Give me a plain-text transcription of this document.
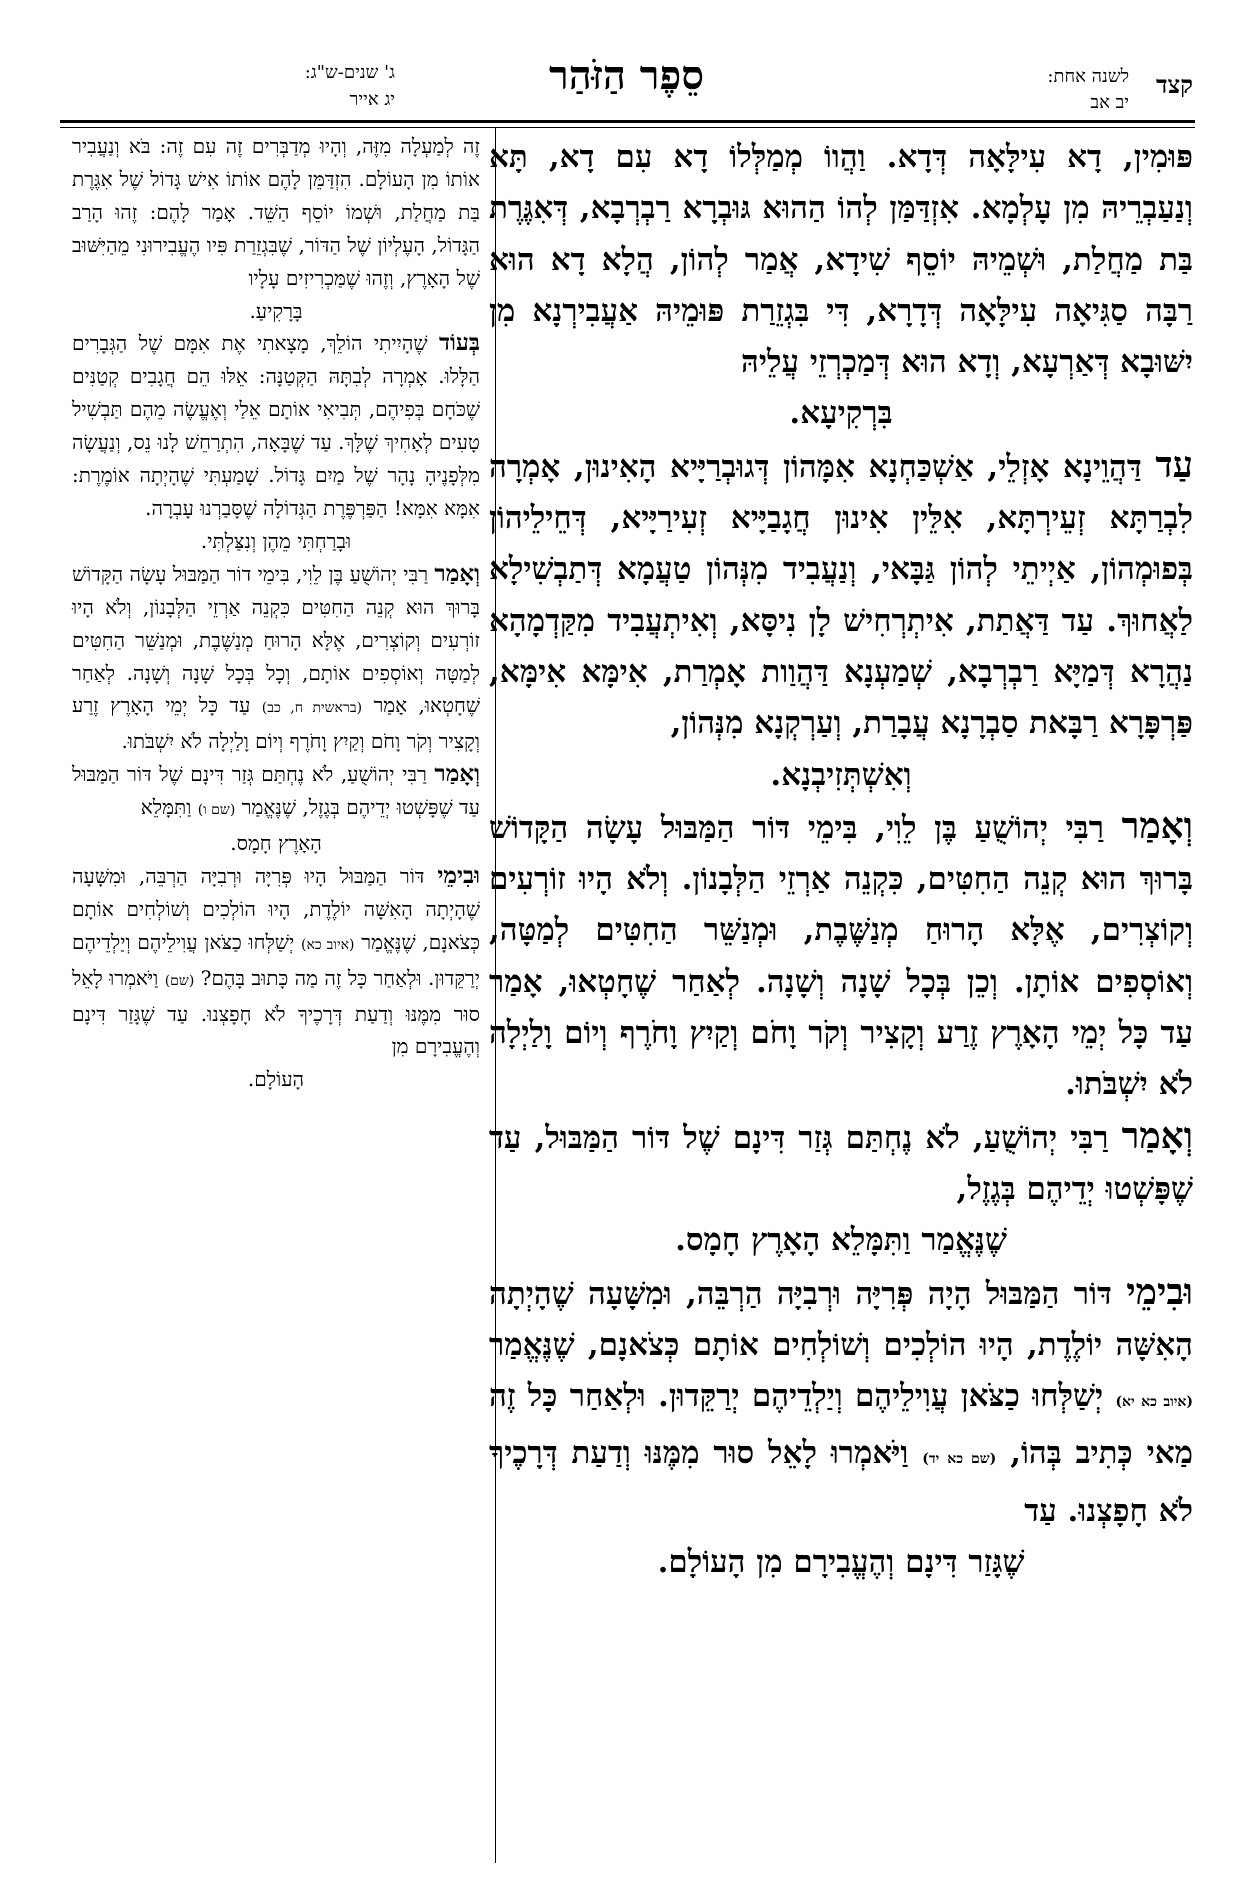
קצד
לשנה אחת:
יב אב
סֵפֶר הַזֹּהַר
ג' שנים-ש"ג:
יג אייר

פּוּמִין, דָא עִילָּאָה דְּדָא. וַהֲווֹ מְמַלְּלוֹ דָא עִם דָא, תָּא וְנַעַבְרֵיהּ מִן עָלְמָא. אִזְדַּמַּן לְהוֹ הַהוּא גּוּבְרָא רַבְרְבָא, דְּאִגֶּרֶת בַּת מַחֲלַת, וּשְׁמֵיהּ יוֹסֵף שִׁידָא, אֲמַר לְהוֹן, הֲלָא דָא הוּא רַבָּה סַגִּיאָה עִילָּאָה דְּדָרָא, דִּי בִּגְזֵרַת פּוּמֵיהּ אַעֲבִירְנָא מִן יִשּׁוּבָא דְּאַרְעָא, וְדָא הוּא דְּמַכְרְזֵי עֲלֵיהּ

בִּרְקִיעָא.

עַד דַּהֲוֵינָא אָזְלֵי, אַשְׁכַּחְנָא אִמָּהוֹן דְּגוּבְרַיָּיא הָאִינוּן, אָמְרָה לִבְרַתָּא זְעֵירְתָּא, אִלֵּין אִינוּן חֲגָבַיָּיא זְעִירַיָּיא, דְּחֵילֵיהוֹן בְּפוּמְהוֹן, אַיְיתֵי לְהוֹן גַּבָּאי, וְנַעֲבִיד מִנְּהוֹן טַעֲמָא דְּתַבְשִׁילָא לַאֲחוּךְ. עַד דַּאֲתַת, אִיתְרְחִישׁ לָן נִיסָּא, וְאִיתְעֲבִיד מִקַּדְמָהָא נַהֲרָא דְּמַיָּא רַבְרְבָא, שְׁמַעְנָא דַּהֲוַות אָמְרַת, אִימָּא אִימָּא, פַּרְפָּרָא רַבָּאת סַבְרָנָא עֲבָרַת, וְעַרְקְנָא מִנְּהוֹן,

וְאִשְׁתְּזִיבְנָא.

וְאָמַר רַבִּי יְהוֹשֻׁעַ בֶּן לֵוִי, בִּימֵי דּוֹר הַמַּבּוּל עָשָׂה הַקָּדוֹשׁ בָּרוּךְ הוּא קְנֵה הַחִטִּים, כִּקְנֵה אַרְזֵי הַלְּבָנוֹן. וְלֹא הָיוּ זוֹרְעִים וְקוֹצְרִים, אֶלָּא הָרוּחַ מְנַשֶּׁבֶת, וּמְנַשֵּׁר הַחִטִּים לְמַטָּה, וְאוֹסְפִים אוֹתָן. וְכֵן בְּכָל שָׁנָה וְשָׁנָה. לְאַחַר שֶׁחָטְאוּ, אָמַר עַד כָּל יְמֵי הָאָרֶץ זֶרַע וְקָצִיר וְקֹר וָחֹם וְקַיִץ וָחֹרֶף וְיוֹם וָלַיְלָה לֹא יִשְׁבֹּתוּ.

וְאָמַר רַבִּי יְהוֹשֻׁעַ, לֹא נֶחְתַּם גְּזַר דִּינָם שֶׁל דּוֹר הַמַּבּוּל, עַד שֶׁפָּשְׁטוּ יְדֵיהֶם בְּגֶזֶל,

שֶׁנֶּאֱמַר וַתִּמָּלֵא הָאָרֶץ חָמָס.

וּבִימֵי דּוֹר הַמַּבּוּל הָיָה פְּרִיָּה וּרְבִיָּה הַרְבֵּה, וּמִשָּׁעָה שֶׁהָיְתָה הָאִשָּׁה יוֹלֶדֶת, הָיוּ הוֹלְכִים וְשׁוֹלְחִים אוֹתָם כְּצֹאנָם, שֶׁנֶּאֱמַר (איוב כא יא) יְשַׁלְּחוּ כַצֹּאן עֲוִילֵיהֶם וְיַלְדֵיהֶם יְרַקֵּדוּן. וּלְאַחַר כָּל זֶה מַאי כְּתִיב בְּהוֹ, (שם כא יד) וַיֹּאמְרוּ לָאֵל סוּר מִמֶּנּוּ וְדַעַת דְּרָכֶיךָ לֹא חָפָצְנוּ. עַד

שֶׁגָּזַר דִּינָם וְהֶעֱבִירָם מִן הָעוֹלָם.

זֶה לְמַעְלָה מִזֶּה, וְהָיוּ מְדַבְּרִים זֶה עִם זֶה: בֹּא וְנַעֲבִיר אוֹתוֹ מִן הָעוֹלָם. הִזְדַּמֵּן לָהֶם אוֹתוֹ אִישׁ גָּדוֹל שֶׁל אִגֶּרֶת בַּת מַחֲלַת, וּשְׁמוֹ יוֹסֵף הַשֵּׁד. אָמַר לָהֶם: זֶהוּ הָרַב הַגָּדוֹל, הָעֶלְיוֹן שֶׁל הַדּוֹר, שֶׁבִּגְזֵרַת פִּיו הֶעֱבִירוּנִי מֵהַיִּשּׁוּב שֶׁל הָאָרֶץ, וְזֶהוּ שֶׁמַּכְרִיזִים עָלָיו

בָּרָקִיעַ.

בְּעוֹד שֶׁהָיִיתִי הוֹלֵךְ, מָצָאתִי אֶת אִמָּם שֶׁל הַגְּבָרִים הַלָּלוּ. אָמְרָה לְבִתָּהּ הַקְּטַנָּה: אֵלּוּ הֵם חֲגָבִים קְטַנִּים שֶׁכֹּחָם בְּפִיהֶם, תְּבִיאִי אוֹתָם אֵלַי וְאֶעֱשֶׂה מֵהֶם תַּבְשִׁיל טָעִים לְאָחִיךְ שֶׁלָּךְ. עַד שֶׁבָּאָה, הִתְרַחֵשׁ לָנוּ נֵס, וְנַעֲשָׂה מִלְּפָנֶיהָ נָהָר שֶׁל מַיִם גָּדוֹל. שָׁמַעְתִּי שֶׁהָיְתָה אוֹמֶרֶת: אִמָּא אִמָּא! הַפַּרְפֶּרֶת הַגְּדוֹלָה שֶׁסָּבַרְנוּ עָבְרָה.

וּבָרַחְתִּי מֵהֶן וְנִצַּלְתִּי.

וְאָמַר רַבִּי יְהוֹשֻׁעַ בֶּן לֵוִי, בִּימֵי דוֹר הַמַּבּוּל עָשָׂה הַקָּדוֹשׁ בָּרוּךְ הוּא קְנֵה הַחִטִּים כִּקְנֵה אַרְזֵי הַלְּבָנוֹן, וְלֹא הָיוּ זוֹרְעִים וְקוֹצְרִים, אֶלָּא הָרוּחַ מְנַשֶּׁבֶת, וּמְנַשֵּׁר הַחִטִּים לְמַטָּה וְאוֹסְפִים אוֹתָם, וְכָל בְּכָל שָׁנָה וְשָׁנָה. לְאַחַר שֶׁחָטְאוּ, אָמַר (בראשית ח, כב) עַד כָּל יְמֵי הָאָרֶץ זֶרַע וְקָצִיר וְקֹר וָחֹם וְקַיִץ וָחֹרֶף וְיוֹם וָלַיְלָה לֹא יִשְׁבֹּתוּ.

וְאָמַר רַבִּי יְהוֹשֻׁעַ, לֹא נֶחְתַּם גְּזַר דִּינָם שֶׁל דּוֹר הַמַּבּוּל עַד שֶׁפָּשְׁטוּ יְדֵיהֶם בְּגֶזֶל, שֶׁנֶּאֱמַר (שם ו) וַתִּמָּלֵא

הָאָרֶץ חָמָס.

וּבִימֵי דּוֹר הַמַּבּוּל הָיוּ פְּרִיָּה וּרְבִיָּה הַרְבֵּה, וּמִשָּׁעָה שֶׁהָיְתָה הָאִשָּׁה יוֹלֶדֶת, הָיוּ הוֹלְכִים וְשׁוֹלְחִים אוֹתָם כְּצֹאנָם, שֶׁנֶּאֱמַר (איוב כא) יְשַׁלְּחוּ כַצֹּאן עֲוִילֵיהֶם וְיַלְדֵיהֶם יְרַקֵּדוּן. וּלְאַחַר כָּל זֶה מַה כָּתוּב בָּהֶם? (שם) וַיֹּאמְרוּ לָאֵל סוּר מִמֶּנּוּ וְדַעַת דְּרָכֶיךָ לֹא חָפָצְנוּ. עַד שֶׁגָּזַר דִּינָם וְהֶעֱבִירָם מִן

הָעוֹלָם.
